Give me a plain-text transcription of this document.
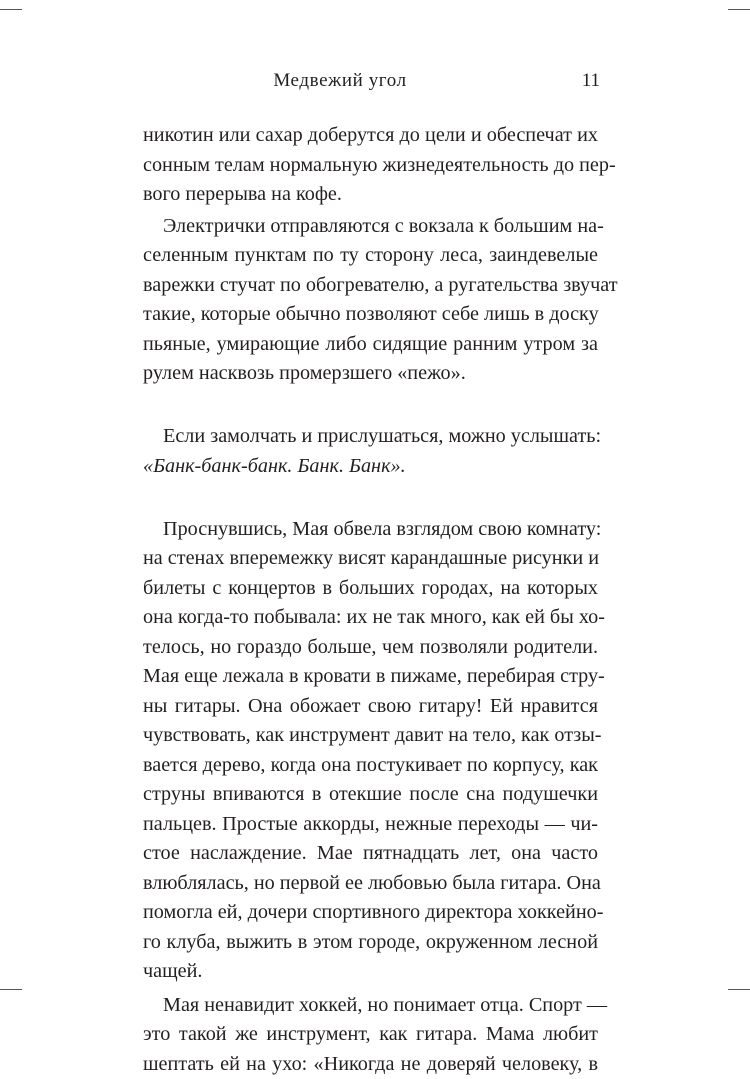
Медвежий угол	11

никотин или сахар доберутся до цели и обеспечат их
сонным телам нормальную жизнедеятельность до пер-
вого перерыва на кофе.

Электрички отправляются с вокзала к большим на-
селенным пунктам по ту сторону леса, заиндевелые
варежки стучат по обогревателю, а ругательства звучат
такие, которые обычно позволяют себе лишь в доску
пьяные, умирающие либо сидящие ранним утром за
рулем насквозь промерзшего «пежо».

Если замолчать и прислушаться, можно услышать:
«Банк-банк-банк. Банк. Банк».

Проснувшись, Мая обвела взглядом свою комнату:
на стенах вперемежку висят карандашные рисунки и
билеты с концертов в больших городах, на которых
она когда-то побывала: их не так много, как ей бы хо-
телось, но гораздо больше, чем позволяли родители.
Мая еще лежала в кровати в пижаме, перебирая стру-
ны гитары. Она обожает свою гитару! Ей нравится
чувствовать, как инструмент давит на тело, как отзы-
вается дерево, когда она постукивает по корпусу, как
струны впиваются в отекшие после сна подушечки
пальцев. Простые аккорды, нежные переходы — чи-
стое наслаждение. Мае пятнадцать лет, она часто
влюблялась, но первой ее любовью была гитара. Она
помогла ей, дочери спортивного директора хоккейно-
го клуба, выжить в этом городе, окруженном лесной
чащей.

Мая ненавидит хоккей, но понимает отца. Спорт —
это такой же инструмент, как гитара. Мама любит
шептать ей на ухо: «Никогда не доверяй человеку, в
